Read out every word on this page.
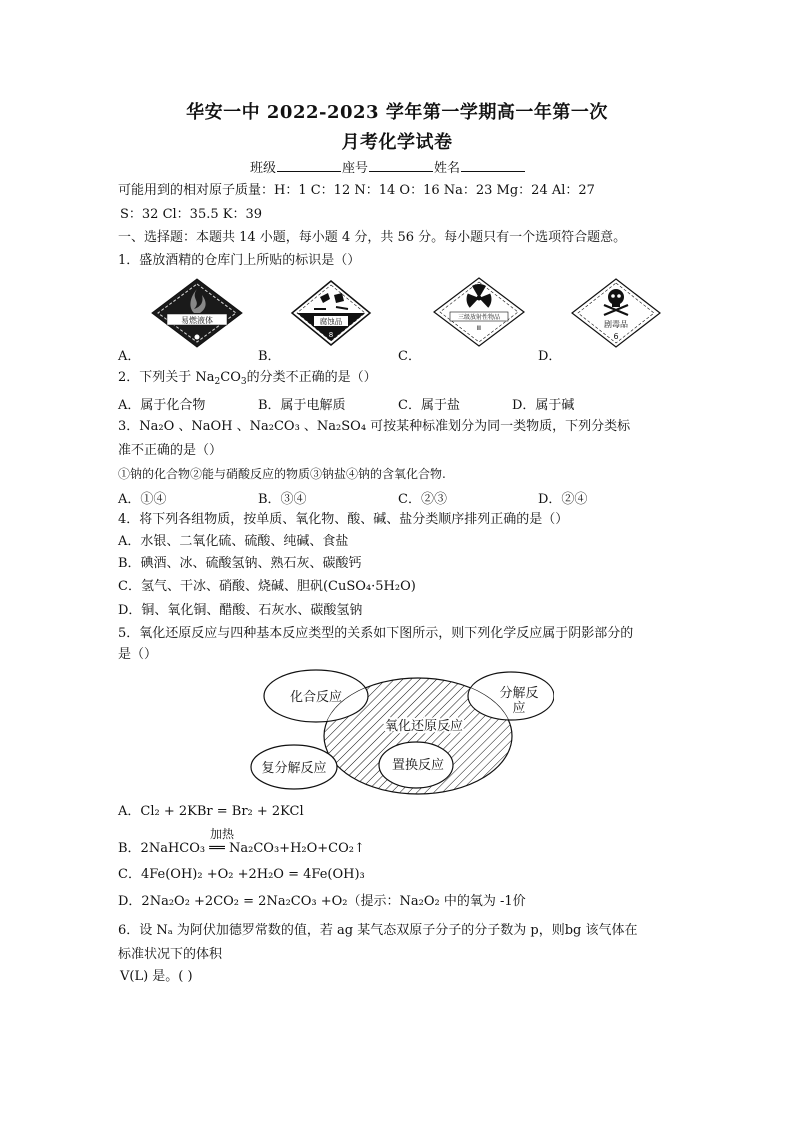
华安一中 2022-2023 学年第一学期高一年第一次
月考化学试卷
班级	座号	姓名
可能用到的相对原子质量：H：1 C：12 N：14 O：16 Na：23 Mg：24 Al：27
S：32 Cl：35.5 K：39
一、选择题：本题共 14 小题，每小题 4 分，共 56 分。每小题只有一个选项符合题意。
1．盛放酒精的仓库门上所贴的标识是（）
易燃液体	腐蚀品
8
三级放射性物品
Ⅲ	剧毒品
6
A．	B．	C．	D．
2．下列关于 $Na_2CO_3$的分类不正确的是（）
A．属于化合物	B．属于电解质	C．属于盐	D．属于碱
3．Na₂O 、NaOH 、Na₂CO₃ 、Na₂SO₄ 可按某种标准划分为同一类物质，下列分类标
准不正确的是（）
①钠的化合物②能与硝酸反应的物质③钠盐④钠的含氧化合物.
A．①④	B．③④	C．②③	D．②④
4．将下列各组物质，按单质、氧化物、酸、碱、盐分类顺序排列正确的是（）
A．水银、二氧化硫、硫酸、纯碱、食盐
B．碘酒、冰、硫酸氢钠、熟石灰、碳酸钙
C．氢气、干冰、硝酸、烧碱、胆矾(CuSO₄·5H₂O)
D．铜、氧化铜、醋酸、石灰水、碳酸氢钠
5．氧化还原反应与四种基本反应类型的关系如下图所示，则下列化学反应属于阴影部分的
是（）
化合反应	分解反
应
氧化还原反应
置换反应
复分解反应
A．Cl₂ + 2KBr = Br₂ + 2KCl
加热
B．2NaHCO₃ ══ Na₂CO₃+H₂O+CO₂↑
C．4Fe(OH)₂ +O₂ +2H₂O = 4Fe(OH)₃
D．2Na₂O₂ +2CO₂ = 2Na₂CO₃ +O₂（提示：Na₂O₂ 中的氧为 -1价
6．设 Nₐ 为阿伏加德罗常数的值，若 ag 某气态双原子分子的分子数为 p，则bg 该气体在
标准状况下的体积
V(L) 是。( )
